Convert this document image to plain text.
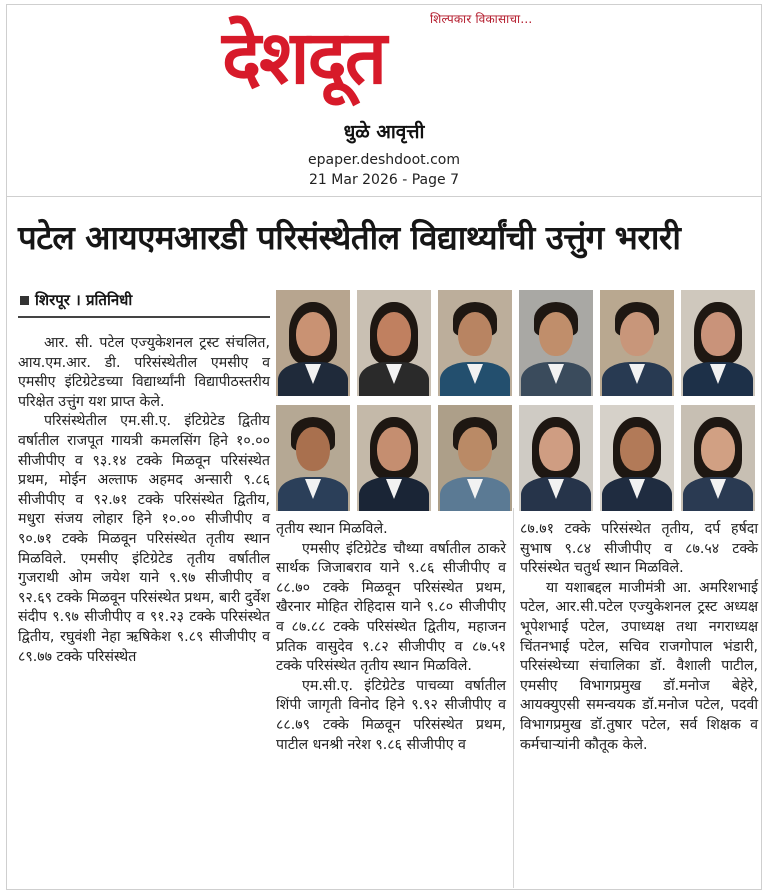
शिल्पकार विकासाचा...
देशदूत
धुळे आवृत्ती
epaper.deshdoot.com
21 Mar 2026 - Page 7
पटेल आयएमआरडी परिसंस्थेतील विद्यार्थ्यांची उत्तुंग भरारी
शिरपूर । प्रतिनिधी

आर. सी. पटेल एज्युकेशनल ट्रस्ट संचलित, आय.एम.आर. डी. परिसंस्थेतील एमसीए व एमसीए इंटिग्रेटेडच्या विद्यार्थ्यांनी विद्यापीठस्तरीय परिक्षेत उत्तुंग यश प्राप्त केले.

परिसंस्थेतील एम.सी.ए. इंटिग्रेटेड द्वितीय वर्षातील राजपूत गायत्री कमलसिंग हिने १०.०० सीजीपीए व ९३.१४ टक्के मिळवून परिसंस्थेत प्रथम, मोईन अल्ताफ अहमद अन्सारी ९.८६ सीजीपीए व ९२.७१ टक्के परिसंस्थेत द्वितीय, मधुरा संजय लोहार हिने १०.०० सीजीपीए व ९०.७१ टक्के मिळवून परिसंस्थेत तृतीय स्थान मिळविले. एमसीए इंटिग्रेटेड तृतीय वर्षातील गुजराथी ओम जयेश याने ९.९७ सीजीपीए व ९२.६९ टक्के मिळवून परिसंस्थेत प्रथम, बारी दुर्वेश संदीप ९.९७ सीजीपीए व ९१.२३ टक्के परिसंस्थेत द्वितीय, रघुवंशी नेहा ऋषिकेश ९.८९ सीजीपीए व ८९.७७ टक्के परिसंस्थेत

तृतीय स्थान मिळविले.

एमसीए इंटिग्रेटेड चौथ्या वर्षातील ठाकरे सार्थक जिजाबराव याने ९.८६ सीजीपीए व ८८.७० टक्के मिळवून परिसंस्थेत प्रथम, खैरनार मोहित रोहिदास याने ९.८० सीजीपीए व ८७.८८ टक्के परिसंस्थेत द्वितीय, महाजन प्रतिक वासुदेव ९.८२ सीजीपीए व ८७.५१ टक्के परिसंस्थेत तृतीय स्थान मिळविले.

एम.सी.ए. इंटिग्रेटेड पाचव्या वर्षातील शिंपी जागृती विनोद हिने ९.९२ सीजीपीए व ८८.७९ टक्के मिळवून परिसंस्थेत प्रथम, पाटील धनश्री नरेश ९.८६ सीजीपीए व

८७.७१ टक्के परिसंस्थेत तृतीय, दर्प हर्षदा सुभाष ९.८४ सीजीपीए व ८७.५४ टक्के परिसंस्थेत चतुर्थ स्थान मिळविले.

या यशाबद्दल माजीमंत्री आ. अमरिशभाई पटेल, आर.सी.पटेल एज्युकेशनल ट्रस्ट अध्यक्ष भूपेशभाई पटेल, उपाध्यक्ष तथा नगराध्यक्ष चिंतनभाई पटेल, सचिव राजगोपाल भंडारी, परिसंस्थेच्या संचालिका डॉ. वैशाली पाटील, एमसीए विभागप्रमुख डॉ.मनोज बेहेरे, आयक्युएसी समन्वयक डॉ.मनोज पटेल, पदवी विभागप्रमुख डॉ.तुषार पटेल, सर्व शिक्षक व कर्मचाऱ्यांनी कौतूक केले.
